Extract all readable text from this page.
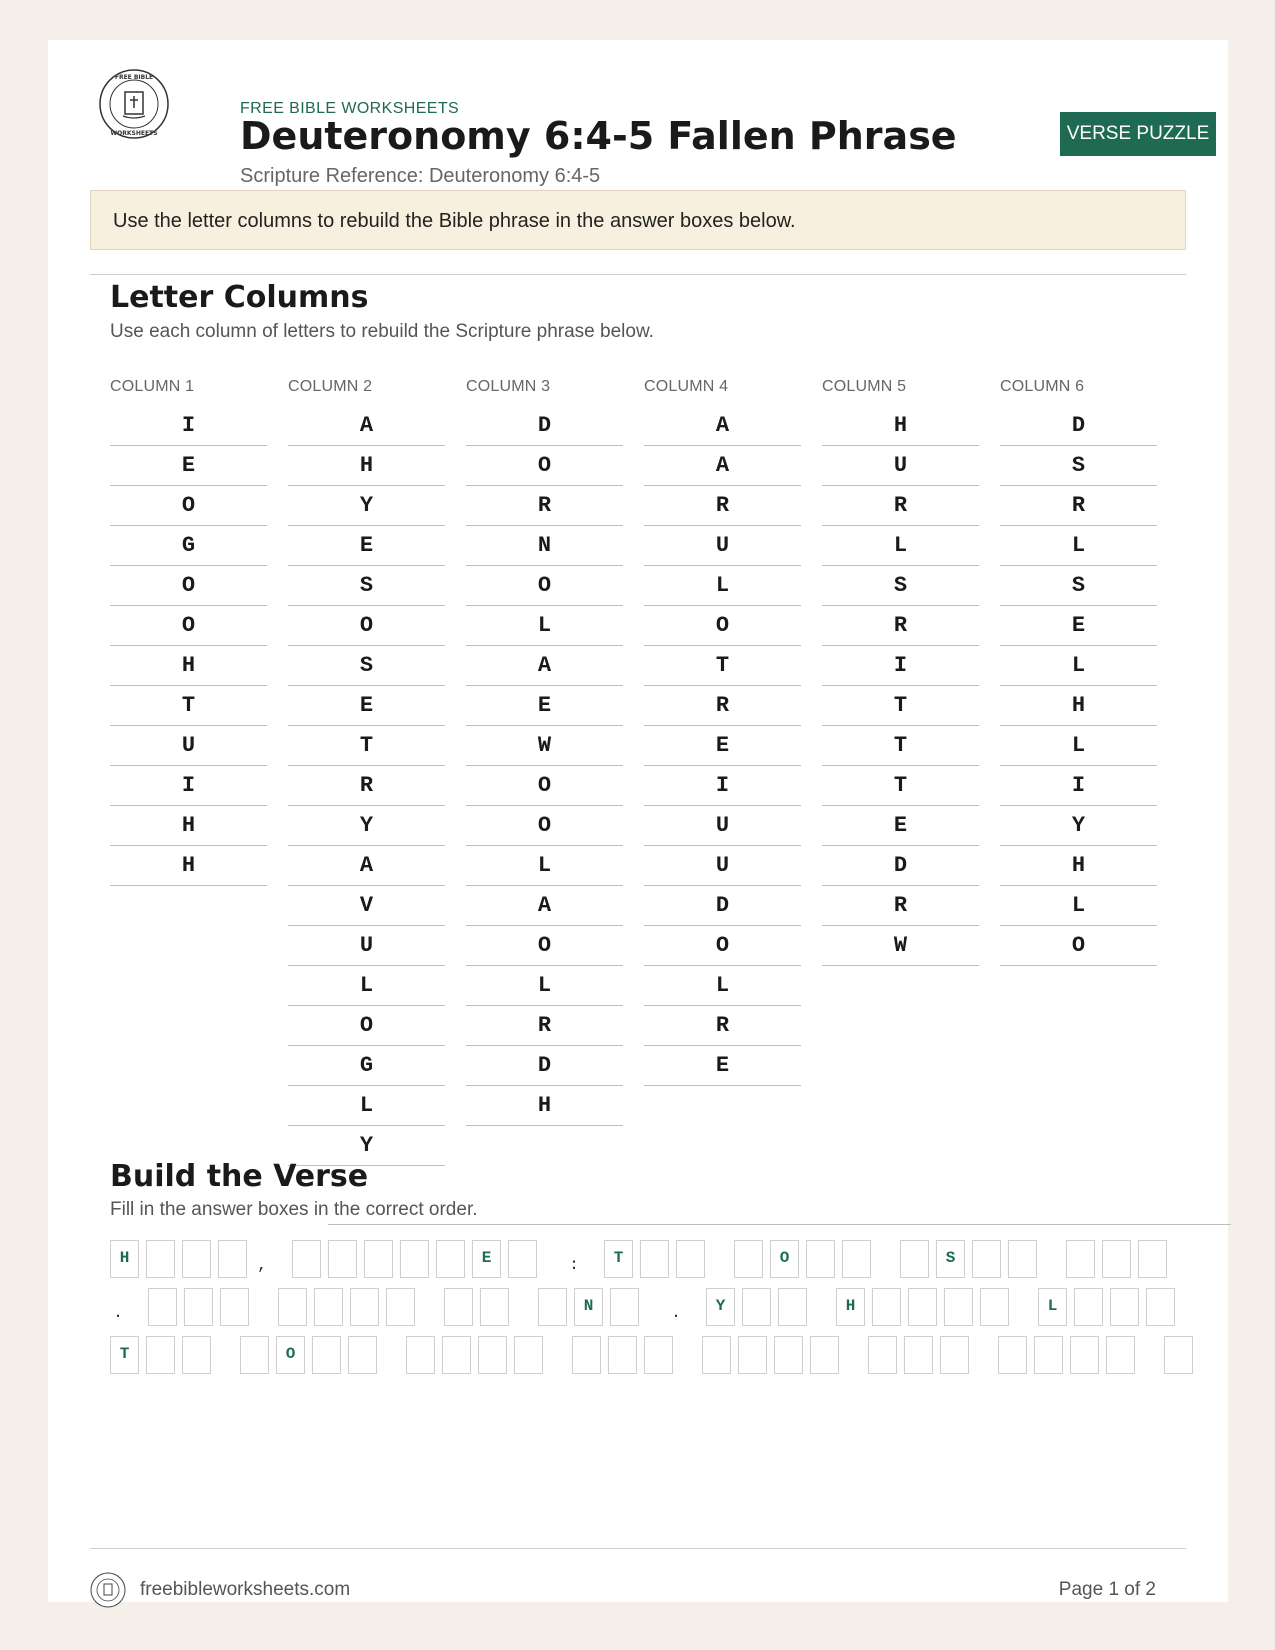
FREE BIBLE
WORKSHEETS
FREE BIBLE WORKSHEETS
Deuteronomy 6:4-5 Fallen Phrase
Scripture Reference: Deuteronomy 6:4-5
VERSE PUZZLE
Use the letter columns to rebuild the Bible phrase in the answer boxes below.
Letter Columns
Use each column of letters to rebuild the Scripture phrase below.
COLUMN 1
I
E
O
G
O
O
H
T
U
I
H
H
COLUMN 2
A
H
Y
E
S
O
S
E
T
R
Y
A
V
U
L
O
G
L
Y
COLUMN 3
D
O
R
N
O
L
A
E
W
O
O
L
A
O
L
R
D
H
COLUMN 4
A
A
R
U
L
O
T
R
E
I
U
U
D
O
L
R
E
COLUMN 5
H
U
R
L
S
R
I
T
T
T
E
D
R
W
COLUMN 6
D
S
R
L
S
E
L
H
L
I
Y
H
L
O
Build the Verse
Fill in the answer boxes in the correct order.
H	,	E	:	T	O	S
.	N	.	Y	H	L
T	O
freebibleworksheets.com	Page 1 of 2
